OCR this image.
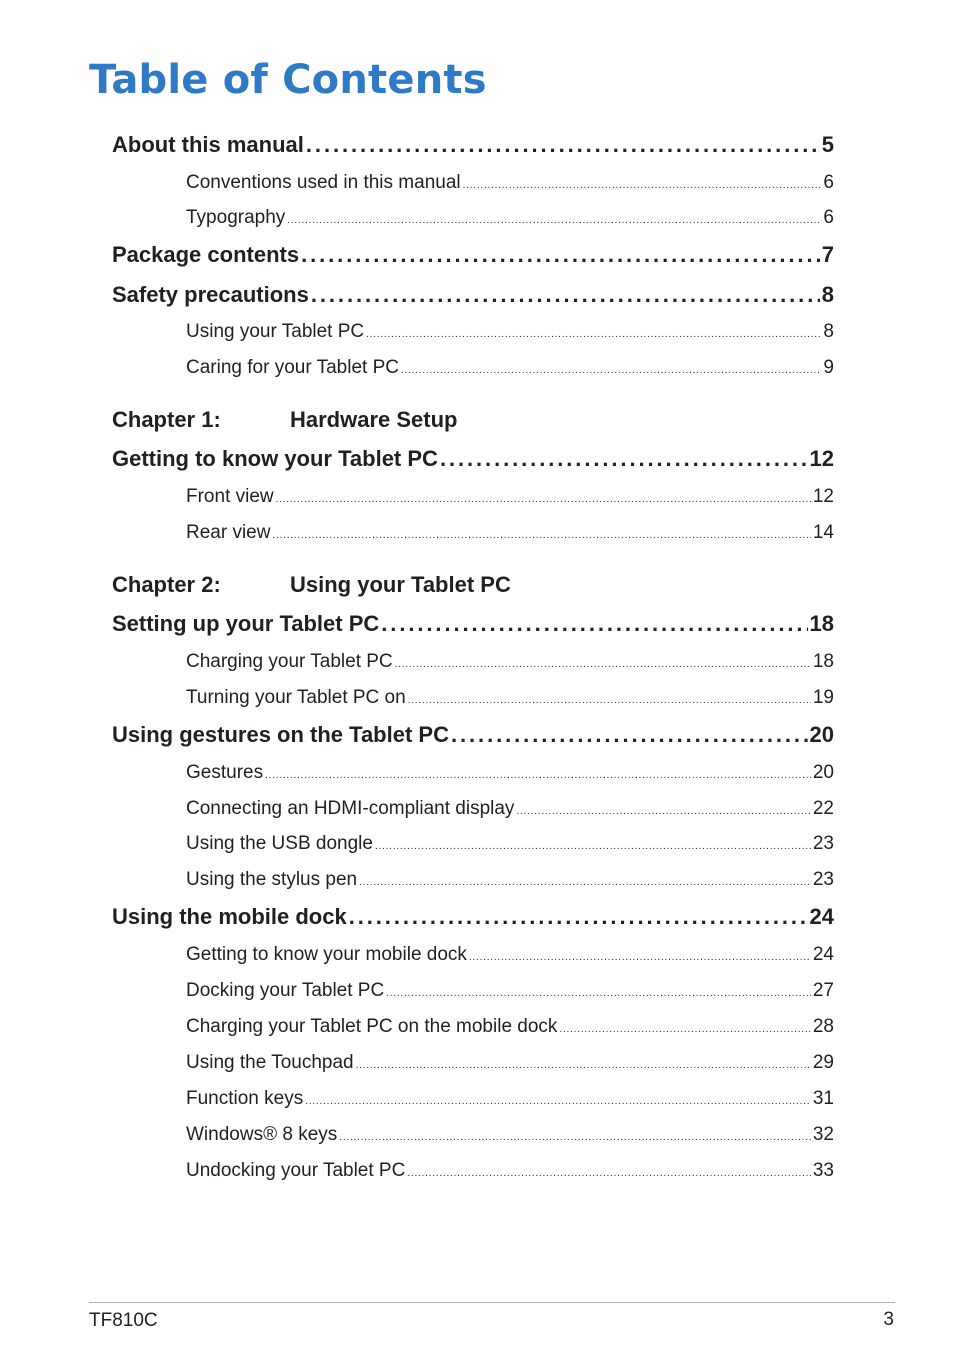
Table of Contents
About this manual . . .	5
Conventions used in this manual . . .	6
Typography . . .	6
Package contents . . .	7
Safety precautions . . .	8
Using your Tablet PC . . .	8
Caring for your Tablet PC . . .	9
Chapter 1:	Hardware Setup
Getting to know your Tablet PC . . .	12
Front view . . .	12
Rear view . . .	14
Chapter 2:	Using your Tablet PC
Setting up your Tablet PC . . .	18
Charging your Tablet PC . . .	18
Turning your Tablet PC on . . .	19
Using gestures on the Tablet PC . . .	20
Gestures . . .	20
Connecting an HDMI-compliant display . . .	22
Using the USB dongle . . .	23
Using the stylus pen . . .	23
Using the mobile dock . . .	24
Getting to know your mobile dock . . .	24
Docking your Tablet PC . . .	27
Charging your Tablet PC on the mobile dock . . .	28
Using the Touchpad . . .	29
Function keys . . .	31
Windows® 8 keys . . .	32
Undocking your Tablet PC . . .	33
TF810C	3
